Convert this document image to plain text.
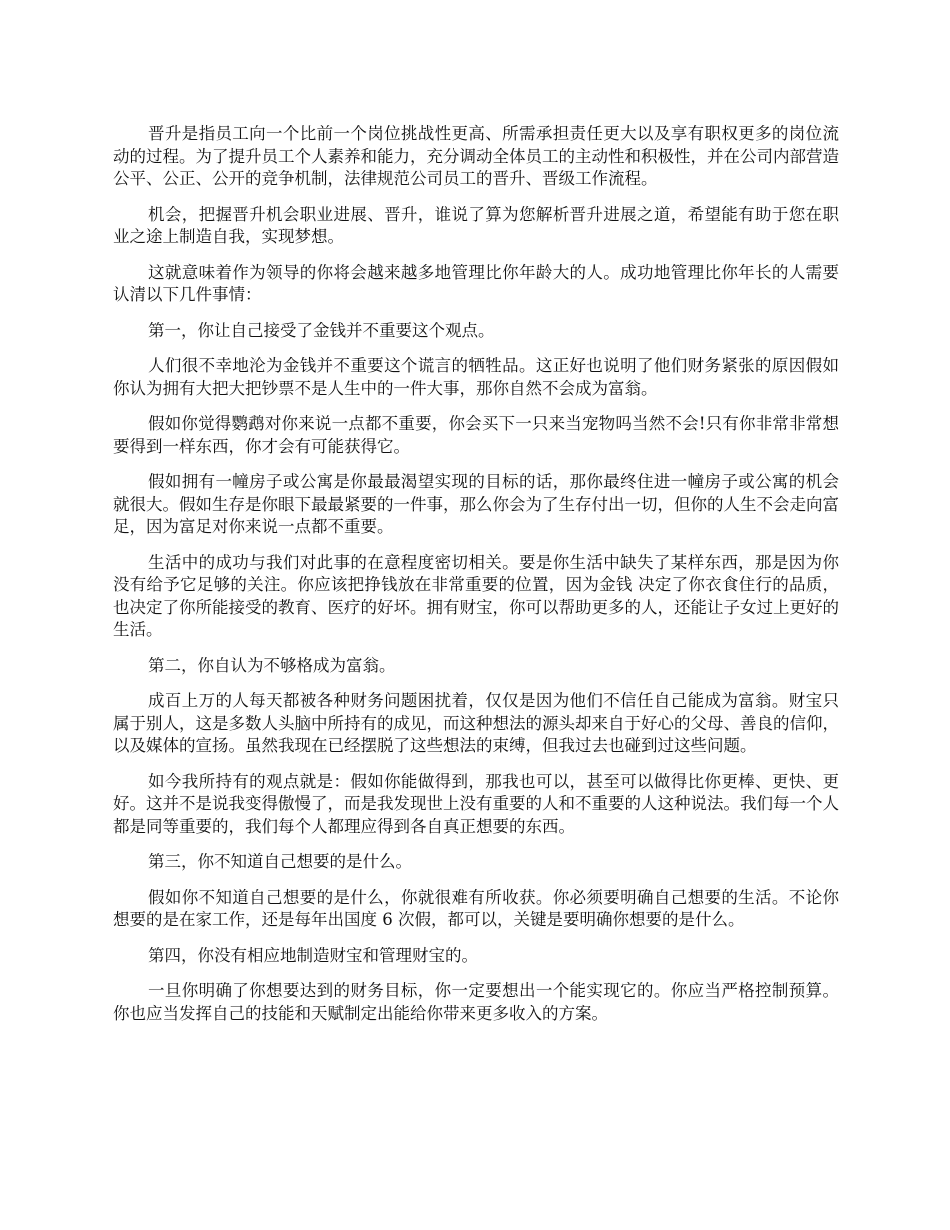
晋升是指员工向一个比前一个岗位挑战性更高、所需承担责任更大以及享有职权更多的岗位流动的过程。为了提升员工个人素养和能力，充分调动全体员工的主动性和积极性，并在公司内部营造公平、公正、公开的竞争机制，法律规范公司员工的晋升、晋级工作流程。

机会，把握晋升机会职业进展、晋升，谁说了算为您解析晋升进展之道，希望能有助于您在职业之途上制造自我，实现梦想。

这就意味着作为领导的你将会越来越多地管理比你年龄大的人。成功地管理比你年长的人需要认清以下几件事情：

第一，你让自己接受了金钱并不重要这个观点。

人们很不幸地沦为金钱并不重要这个谎言的牺牲品。这正好也说明了他们财务紧张的原因假如你认为拥有大把大把钞票不是人生中的一件大事，那你自然不会成为富翁。

假如你觉得鹦鹉对你来说一点都不重要，你会买下一只来当宠物吗当然不会!只有你非常非常想要得到一样东西，你才会有可能获得它。

假如拥有一幢房子或公寓是你最最渴望实现的目标的话，那你最终住进一幢房子或公寓的机会就很大。假如生存是你眼下最最紧要的一件事，那么你会为了生存付出一切，但你的人生不会走向富足，因为富足对你来说一点都不重要。

生活中的成功与我们对此事的在意程度密切相关。要是你生活中缺失了某样东西，那是因为你没有给予它足够的关注。你应该把挣钱放在非常重要的位置，因为金钱 决定了你衣食住行的品质，也决定了你所能接受的教育、医疗的好坏。拥有财宝，你可以帮助更多的人，还能让子女过上更好的生活。

第二，你自认为不够格成为富翁。

成百上万的人每天都被各种财务问题困扰着，仅仅是因为他们不信任自己能成为富翁。财宝只属于别人，这是多数人头脑中所持有的成见，而这种想法的源头却来自于好心的父母、善良的信仰，以及媒体的宣扬。虽然我现在已经摆脱了这些想法的束缚，但我过去也碰到过这些问题。

如今我所持有的观点就是：假如你能做得到，那我也可以，甚至可以做得比你更棒、更快、更好。这并不是说我变得傲慢了，而是我发现世上没有重要的人和不重要的人这种说法。我们每一个人都是同等重要的，我们每个人都理应得到各自真正想要的东西。

第三，你不知道自己想要的是什么。

假如你不知道自己想要的是什么，你就很难有所收获。你必须要明确自己想要的生活。不论你想要的是在家工作，还是每年出国度 6 次假，都可以，关键是要明确你想要的是什么。

第四，你没有相应地制造财宝和管理财宝的。

一旦你明确了你想要达到的财务目标，你一定要想出一个能实现它的。你应当严格控制预算。你也应当发挥自己的技能和天赋制定出能给你带来更多收入的方案。
